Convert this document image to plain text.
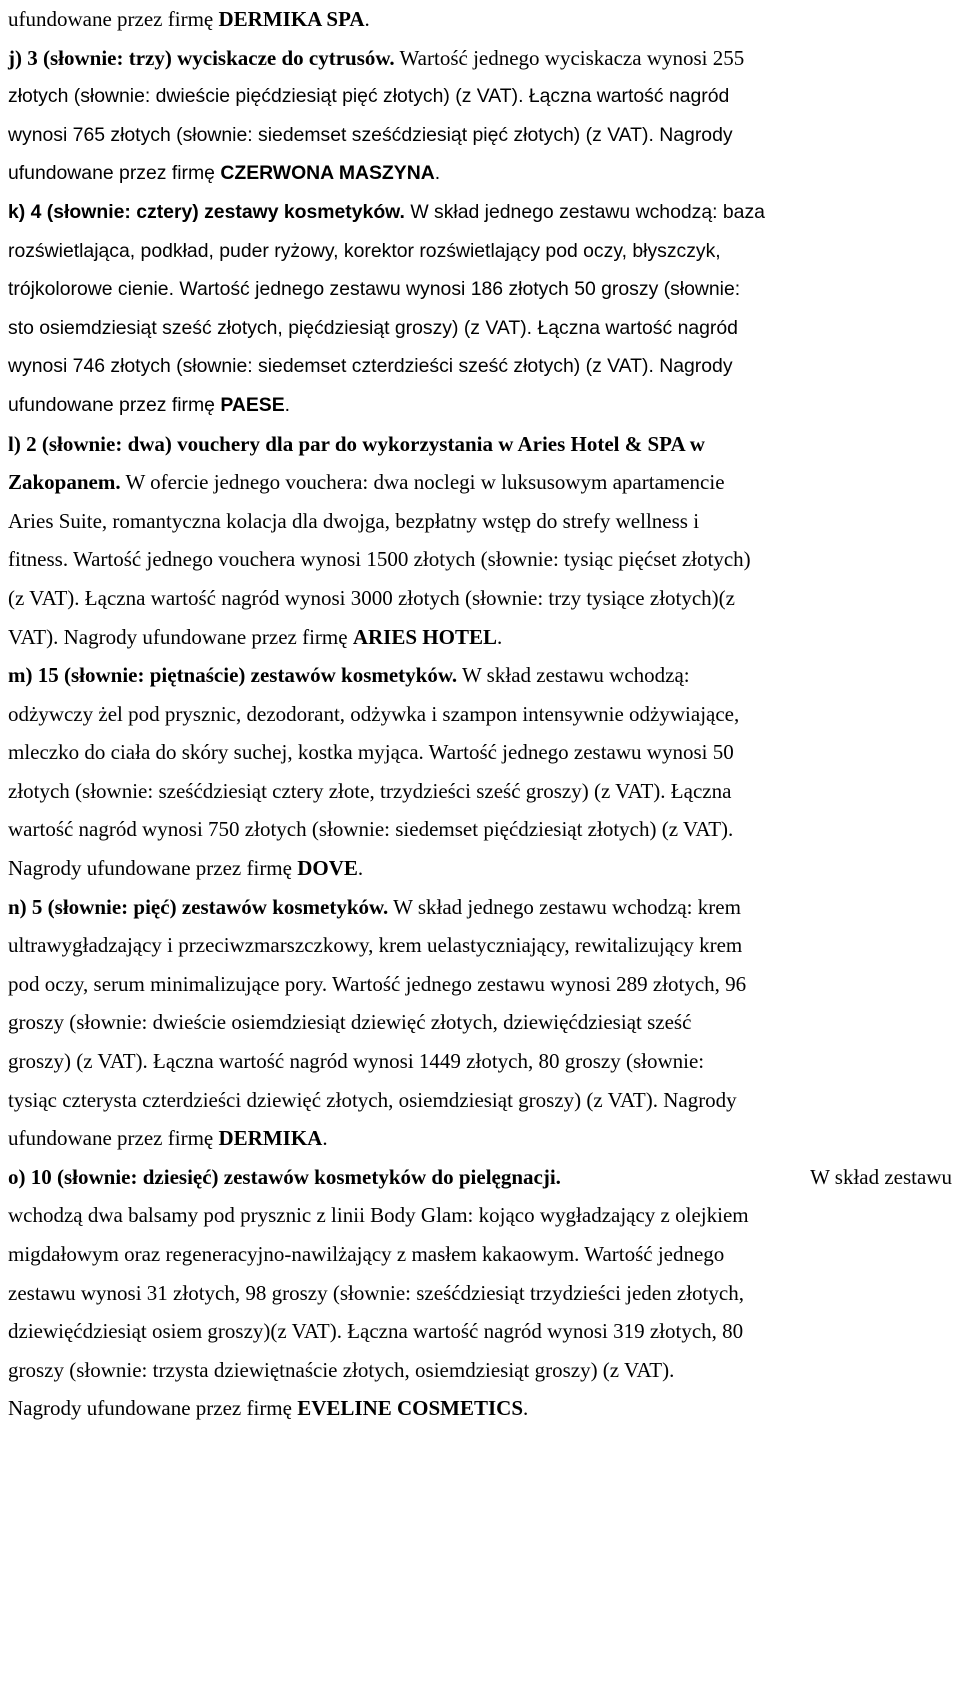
ufundowane przez firmę DERMIKA SPA.
j) 3 (słownie: trzy) wyciskacze do cytrusów. Wartość jednego wyciskacza wynosi 255
złotych (słownie: dwieście pięćdziesiąt pięć złotych) (z VAT). Łączna wartość nagród
wynosi 765 złotych (słownie: siedemset sześćdziesiąt pięć złotych) (z VAT). Nagrody
ufundowane przez firmę CZERWONA MASZYNA.
k) 4 (słownie: cztery) zestawy kosmetyków. W skład jednego zestawu wchodzą: baza
rozświetlająca, podkład, puder ryżowy, korektor rozświetlający pod oczy, błyszczyk,
trójkolorowe cienie. Wartość jednego zestawu wynosi 186 złotych 50 groszy (słownie:
sto osiemdziesiąt sześć złotych, pięćdziesiąt groszy) (z VAT). Łączna wartość nagród
wynosi 746 złotych (słownie: siedemset czterdzieści sześć złotych) (z VAT). Nagrody
ufundowane przez firmę PAESE.
l) 2 (słownie: dwa) vouchery dla par do wykorzystania w Aries Hotel & SPA w
Zakopanem. W ofercie jednego vouchera: dwa noclegi w luksusowym apartamencie
Aries Suite, romantyczna kolacja dla dwojga, bezpłatny wstęp do strefy wellness i
fitness. Wartość jednego vouchera wynosi 1500 złotych (słownie: tysiąc pięćset złotych)
(z VAT). Łączna wartość nagród wynosi 3000 złotych (słownie: trzy tysiące złotych)(z
VAT). Nagrody ufundowane przez firmę ARIES HOTEL.
m) 15 (słownie: piętnaście) zestawów kosmetyków. W skład zestawu wchodzą:
odżywczy żel pod prysznic, dezodorant, odżywka i szampon intensywnie odżywiające,
mleczko do ciała do skóry suchej, kostka myjąca. Wartość jednego zestawu wynosi 50
złotych (słownie: sześćdziesiąt cztery złote, trzydzieści sześć groszy) (z VAT). Łączna
wartość nagród wynosi 750 złotych (słownie: siedemset pięćdziesiąt złotych) (z VAT).
Nagrody ufundowane przez firmę DOVE.
n) 5 (słownie: pięć) zestawów kosmetyków. W skład jednego zestawu wchodzą: krem
ultrawygładzający i przeciwzmarszczkowy, krem uelastyczniający, rewitalizujący krem
pod oczy, serum minimalizujące pory. Wartość jednego zestawu wynosi 289 złotych, 96
groszy (słownie: dwieście osiemdziesiąt dziewięć złotych, dziewięćdziesiąt sześć
groszy) (z VAT). Łączna wartość nagród wynosi 1449 złotych, 80 groszy (słownie:
tysiąc czterysta czterdzieści dziewięć złotych, osiemdziesiąt groszy) (z VAT). Nagrody
ufundowane przez firmę DERMIKA.
o) 10 (słownie: dziesięć) zestawów kosmetyków do pielęgnacji.	W skład zestawu
wchodzą dwa balsamy pod prysznic z linii Body Glam: kojąco wygładzający z olejkiem
migdałowym oraz regeneracyjno-nawilżający z masłem kakaowym. Wartość jednego
zestawu wynosi 31 złotych, 98 groszy (słownie: sześćdziesiąt trzydzieści jeden złotych,
dziewięćdziesiąt osiem groszy)(z VAT). Łączna wartość nagród wynosi 319 złotych, 80
groszy (słownie: trzysta dziewiętnaście złotych, osiemdziesiąt groszy) (z VAT).
Nagrody ufundowane przez firmę EVELINE COSMETICS.
